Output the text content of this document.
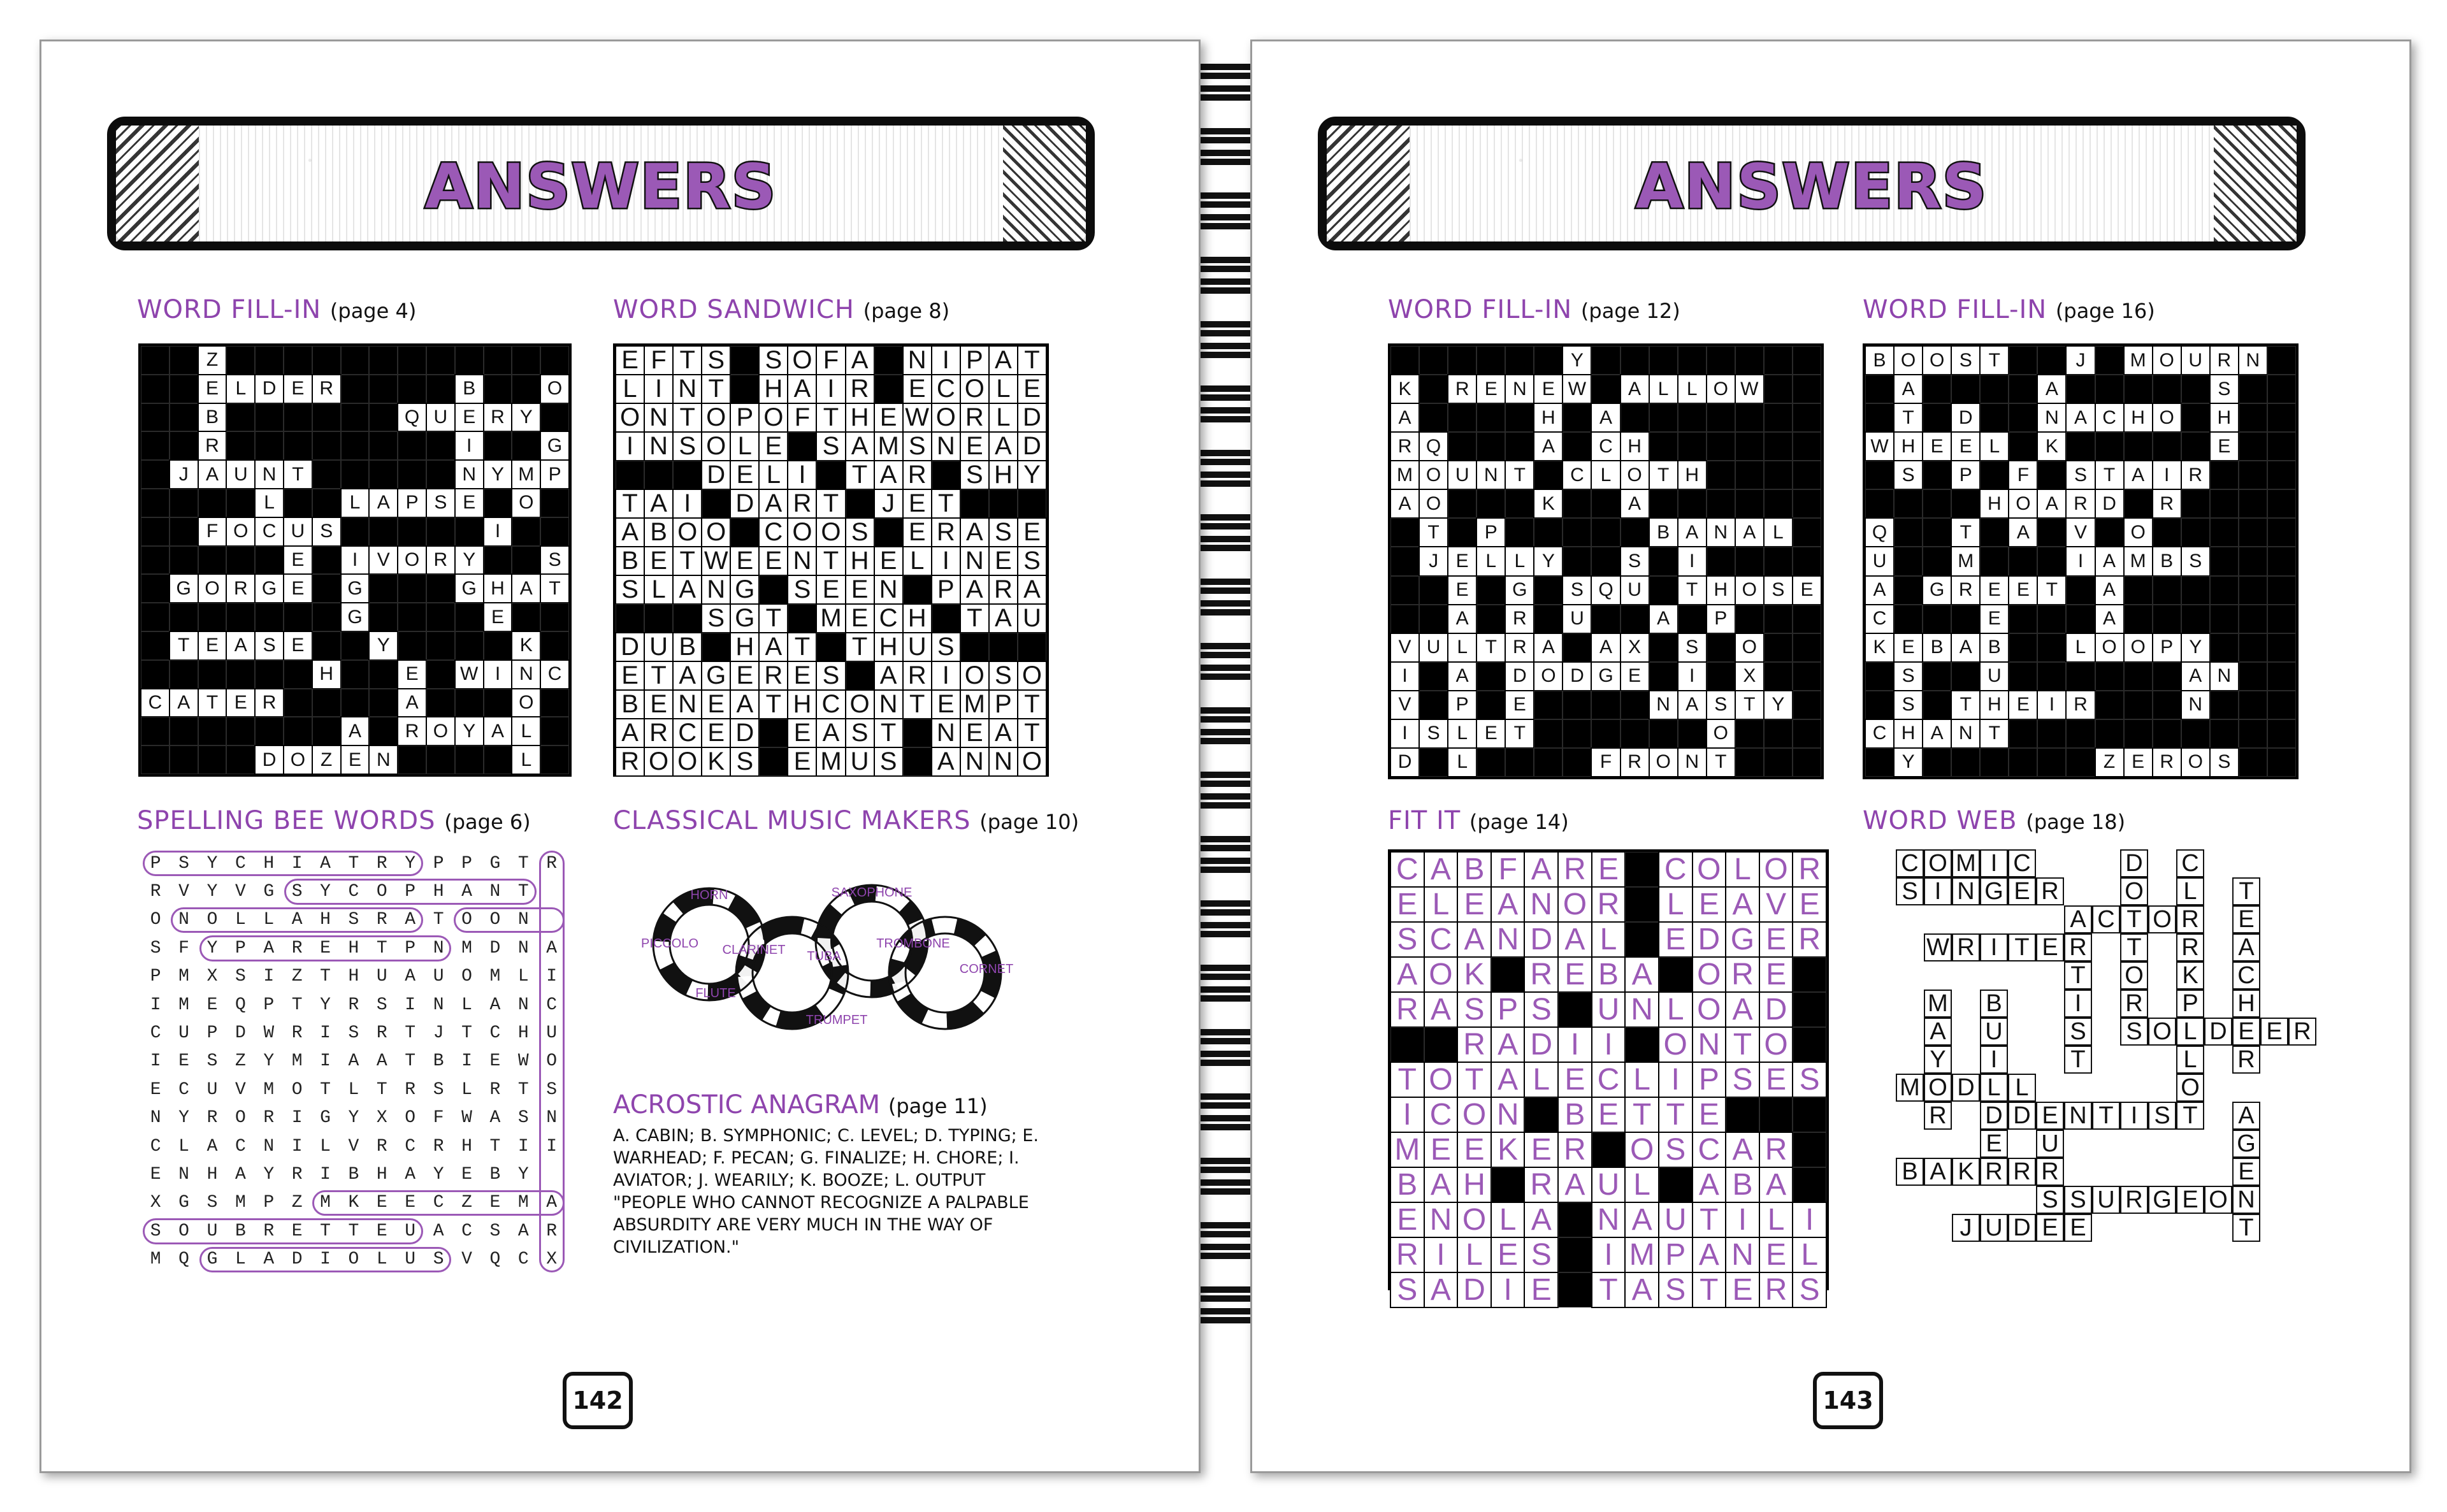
ANSWERS
WORD FILL-IN (page 4)
Z
E L D E R	B	O
B	Q U E R Y
R	I	G
J A U N T	N Y M P
L	L A P S E	O
F O C U S	I
E	I	V O R Y	S
G O R G E	G	G H A T
G	E
T E A S E	Y	K
H	E	W I N C
C A T E R	A	O
A	R O Y A L
D O Z E N	L
WORD SANDWICH (page 8)
E F T S S O F A N I P A T
L I N T H A I R E C O L E
O N T O P O F T H E W O R L D
I N S O L E S A M S N E A D
D E L I	T A R S H Y
T A I	D A R T	J E T
A B O O C O O S E R A S E
B E T W E E N T H E L I N E S
S L A N G S E E N P A R A
S G T M E C H T A U
D U B H A T T H U S
E T A G E R E S A R I O S O
B E N E A T H C O N T E M P T
A R C E D E A S T N E A T
R O O K S E M U S A N N O
SPELLING BEE WORDS (page 6)
P S Y C H I A T R Y P P G T R
R V Y V G S Y C O P H A N T
O N O L L A H S R A T O O N
S F Y P A R E H T P N M D N A
P M X S I Z T H U A U O M L I
I M E Q P T Y R S I N L A N C
C U P D W R I S R T J T C H U
I E S Z Y M I A A T B I E W O
E C U V M O T L T R S L R T S
N Y R O R I G Y X O F W A S N
C L A C N I L V R C R H T I I
E N H A Y R I B H A Y E B Y
X G S M P Z M K E E C Z E M A
S O U B R E T T E U A C S A R
M Q G L A D I O L U S V Q C X
CLASSICAL MUSIC MAKERS (page 10)
HORN
PICCOLO CLARINET
FLUTE
SAXOPHONE
TUBA
TRUMPET
TROMBONE
CORNET
ACROSTIC ANAGRAM (page 11)
A. CABIN; B. SYMPHONIC; C. LEVEL; D. TYPING; E. WARHEAD; F. PECAN; G. FINALIZE; H. CHORE; I. AVIATOR; J. WEARILY; K. BOOZE; L. OUTPUT
"PEOPLE WHO CANNOT RECOGNIZE A PALPABLE ABSURDITY ARE VERY MUCH IN THE WAY OF CIVILIZATION."
142
ANSWERS
WORD FILL-IN (page 12)
Y
K	R E N E W	A L L O W
A	H	A
R Q	A	C H
M O U N T	C L O T H
A O	K	A
T	P	B A N A L
J E L L Y	S	I
E	G	S Q U	T H O S E
A	R	U	A	P
V U L T R A	A X	S	O
I	A	D O D G E	I	X
V	P	E	N A S T Y
I	S L E T	O
D	L	F R O N T
WORD FILL-IN (page 16)
B O O S T	J	M O U R N
A	A	S
T	D	N A C H O	H
W H E E L	K	E
S	P	F	S T A	I	R
H O A R D	R
Q	T	A	V	O
U	M	I	A M B S
A	G R E E T	A
C	E	A
K E B A B	L O O P Y
S	U	A N
S	T H E	I	R	N
C H A N T
Y	Z E R O S
FIT IT (page 14)
C A B F A R E C O L O R
E L E A N O R L E A V E
S C A N D A L E D G E R
A O K R E B A O R E
R A S P S U N L O A D
R A D I I	O N T O
T O T A L E C L I P S E S
I C O N B E T T E
M E E K E R O S C A R
B A H R A U L A B A
E N O L A N A U T I L I
R I L E S	I M P A N E L
S A D I E T A S T E R S
WORD WEB (page 18)
C O M I C
S I N G E R
W R I T E R
A C T O R
D
O
T
O
R
C
L
R
K
T
E
A
C
H
E
R
S O L D E R
M
A
Y
O
R
B
U
I
L
D
E
R
T
I
S
T
P
L
O
T
M D	L
D E N T I S	A
G
E
N
T
B A K R
U
R
S
E
S U R G E O
J U D E
143
